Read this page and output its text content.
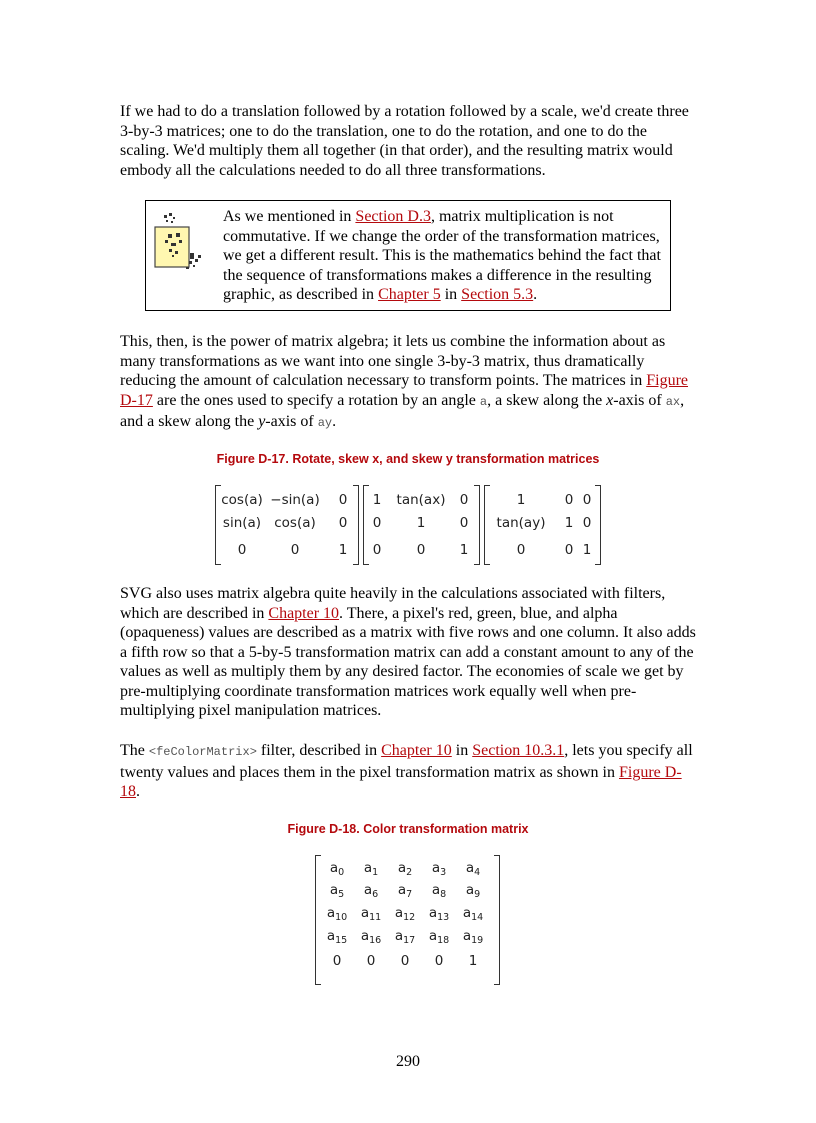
If we had to do a translation followed by a rotation followed by a scale, we'd create three 3-by-3 matrices; one to do the translation, one to do the rotation, and one to do the scaling. We'd multiply them all together (in that order), and the resulting matrix would embody all the calculations needed to do all three transformations.

As we mentioned in Section D.3, matrix multiplication is not commutative. If we change the order of the transformation matrices, we get a different result. This is the mathematics behind the fact that the sequence of transformations makes a difference in the resulting graphic, as described in Chapter 5 in Section 5.3.

This, then, is the power of matrix algebra; it lets us combine the information about as many transformations as we want into one single 3-by-3 matrix, thus dramatically reducing the amount of calculation necessary to transform points. The matrices in Figure D-17 are the ones used to specify a rotation by an angle a, a skew along the x-axis of ax, and a skew along the y-axis of ay.

Figure D-17. Rotate, skew x, and skew y transformation matrices
cos(a) −sin(a) 0
sin(a) cos(a) 0
0	0	1
1 tan(ax) 0
0	1	0
0	0	1
1	0 0
tan(ay) 1 0
0	0 1

SVG also uses matrix algebra quite heavily in the calculations associated with filters, which are described in Chapter 10. There, a pixel's red, green, blue, and alpha (opaqueness) values are described as a matrix with five rows and one column. It also adds a fifth row so that a 5-by-5 transformation matrix can add a constant amount to any of the values as well as multiply them by any desired factor. The economies of scale we get by pre-multiplying coordinate transformation matrices work equally well when pre-multiplying pixel manipulation matrices.

The <feColorMatrix> filter, described in Chapter 10 in Section 10.3.1, lets you specify all twenty values and places them in the pixel transformation matrix as shown in Figure D-18.

Figure D-18. Color transformation matrix
$a_0$ $a_1$ $a_2$ $a_3$ $a_4$
$a_5$ $a_6$ $a_7$ $a_8$ $a_9$
$a_{10}$ $a_{11}$ $a_{12}$ $a_{13}$ $a_{14}$
$a_{15}$ $a_{16}$ $a_{17}$ $a_{18}$ $a_{19}$
0 0 0 0 1
290
